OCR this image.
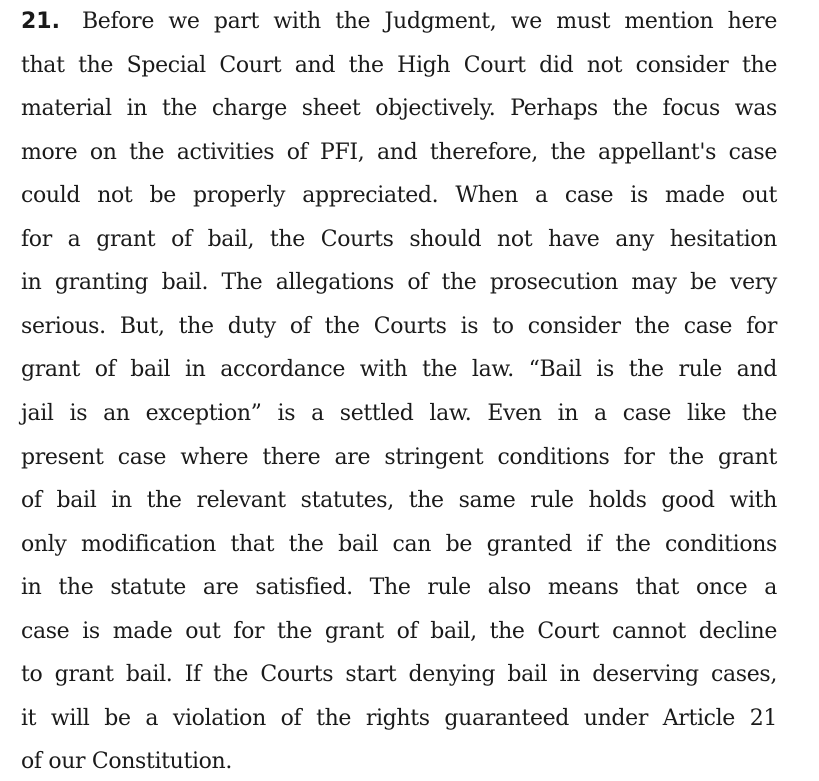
21. Before we part with the Judgment, we must mention here
that the Special Court and the High Court did not consider the
material in the charge sheet objectively. Perhaps the focus was
more on the activities of PFI, and therefore, the appellant's case
could not be properly appreciated. When a case is made out
for a grant of bail, the Courts should not have any hesitation
in granting bail. The allegations of the prosecution may be very
serious. But, the duty of the Courts is to consider the case for
grant of bail in accordance with the law. “Bail is the rule and
jail is an exception” is a settled law. Even in a case like the
present case where there are stringent conditions for the grant
of bail in the relevant statutes, the same rule holds good with
only modification that the bail can be granted if the conditions
in the statute are satisfied. The rule also means that once a
case is made out for the grant of bail, the Court cannot decline
to grant bail. If the Courts start denying bail in deserving cases,
it will be a violation of the rights guaranteed under Article 21
of our Constitution.
